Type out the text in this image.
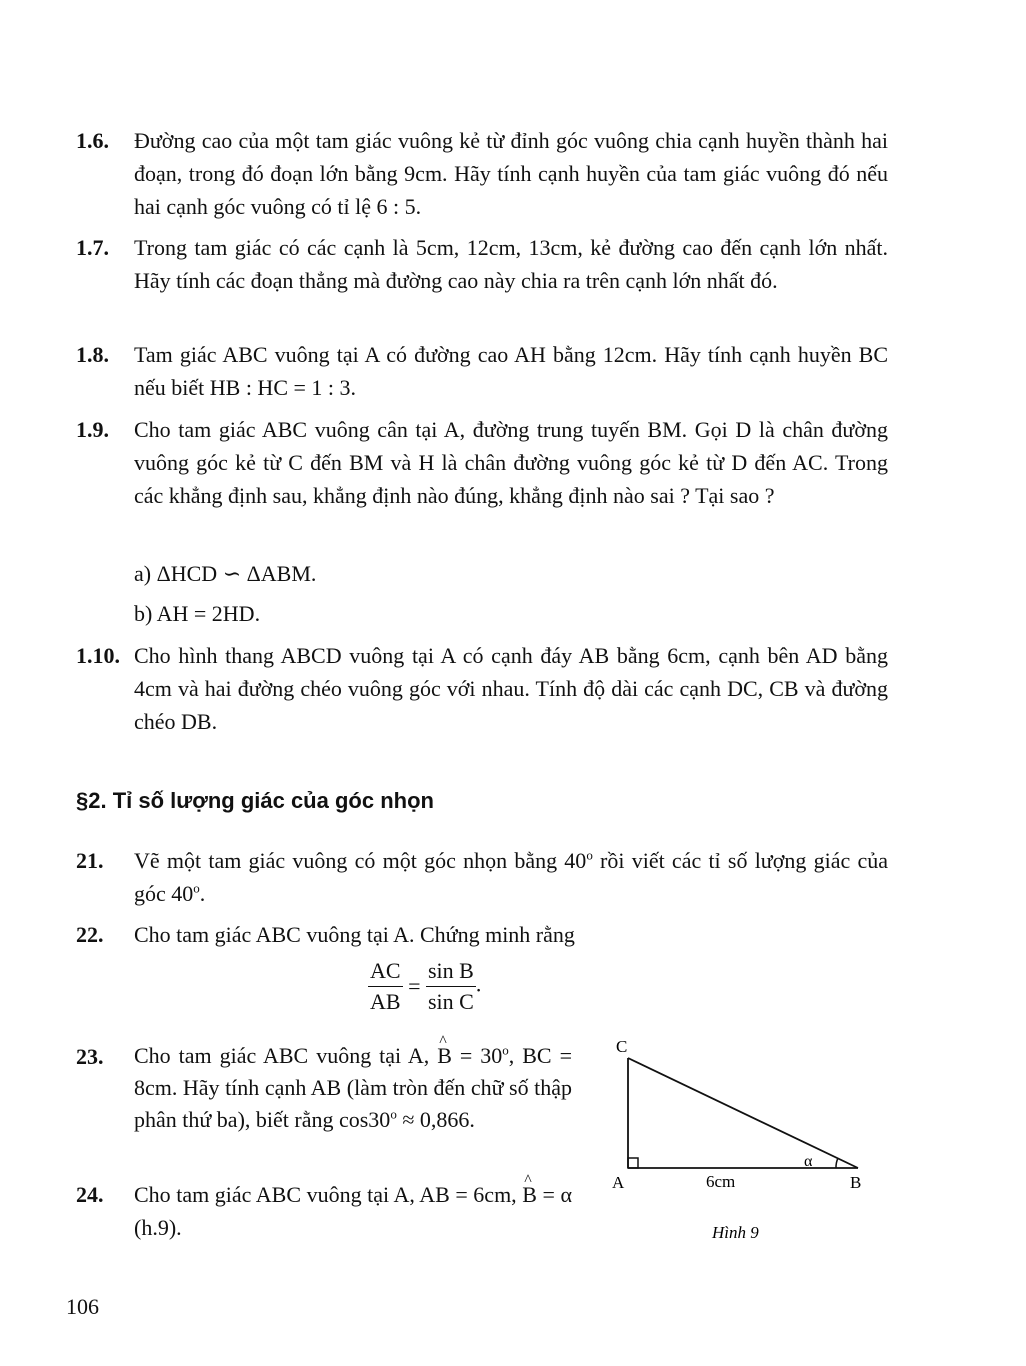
1.6. Đường cao của một tam giác vuông kẻ từ đỉnh góc vuông chia cạnh huyền thành hai đoạn, trong đó đoạn lớn bằng 9cm. Hãy tính cạnh huyền của tam giác vuông đó nếu hai cạnh góc vuông có tỉ lệ 6 : 5.
1.7. Trong tam giác có các cạnh là 5cm, 12cm, 13cm, kẻ đường cao đến cạnh lớn nhất. Hãy tính các đoạn thẳng mà đường cao này chia ra trên cạnh lớn nhất đó.
1.8. Tam giác ABC vuông tại A có đường cao AH bằng 12cm. Hãy tính cạnh huyền BC nếu biết HB : HC = 1 : 3.
1.9. Cho tam giác ABC vuông cân tại A, đường trung tuyến BM. Gọi D là chân đường vuông góc kẻ từ C đến BM và H là chân đường vuông góc kẻ từ D đến AC. Trong các khẳng định sau, khẳng định nào đúng, khẳng định nào sai ? Tại sao ?
a) ΔHCD ∽ ΔABM.
b) AH = 2HD.
1.10. Cho hình thang ABCD vuông tại A có cạnh đáy AB bằng 6cm, cạnh bên AD bằng 4cm và hai đường chéo vuông góc với nhau. Tính độ dài các cạnh DC, CB và đường chéo DB.
§2. Tỉ số lượng giác của góc nhọn
21. Vẽ một tam giác vuông có một góc nhọn bằng 40$^o$ rồi viết các tỉ số lượng giác của góc 40$^o$.
22. Cho tam giác ABC vuông tại A. Chứng minh rằng
$\frac{AC}{AB} = \frac{\text{sin B}}{\text{sin C}}$ .
23. Cho tam giác ABC vuông tại A, ^ $B = 30^o$, BC = 8cm. Hãy tính cạnh AB (làm tròn đến chữ số thập phân thứ ba), biết rằng $\cos 30^o \approx 0,866$.
24. Cho tam giác ABC vuông tại A, AB = 6cm, ^ B = α (h.9).
C
A	B
6cm
α
Hình 9
106
